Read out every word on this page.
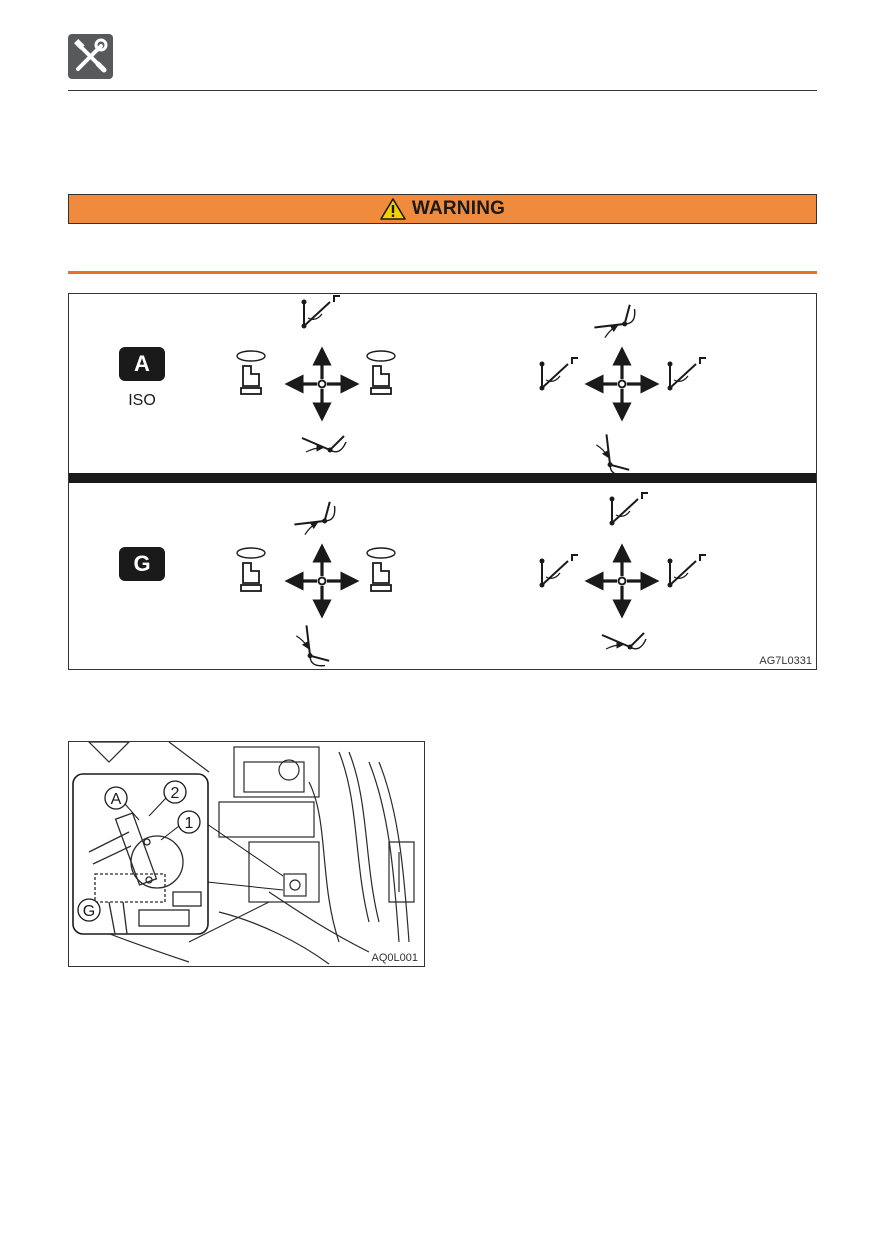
WARNING
A
ISO
G
AG7L0331
A	2
1
G
AQ0L001
